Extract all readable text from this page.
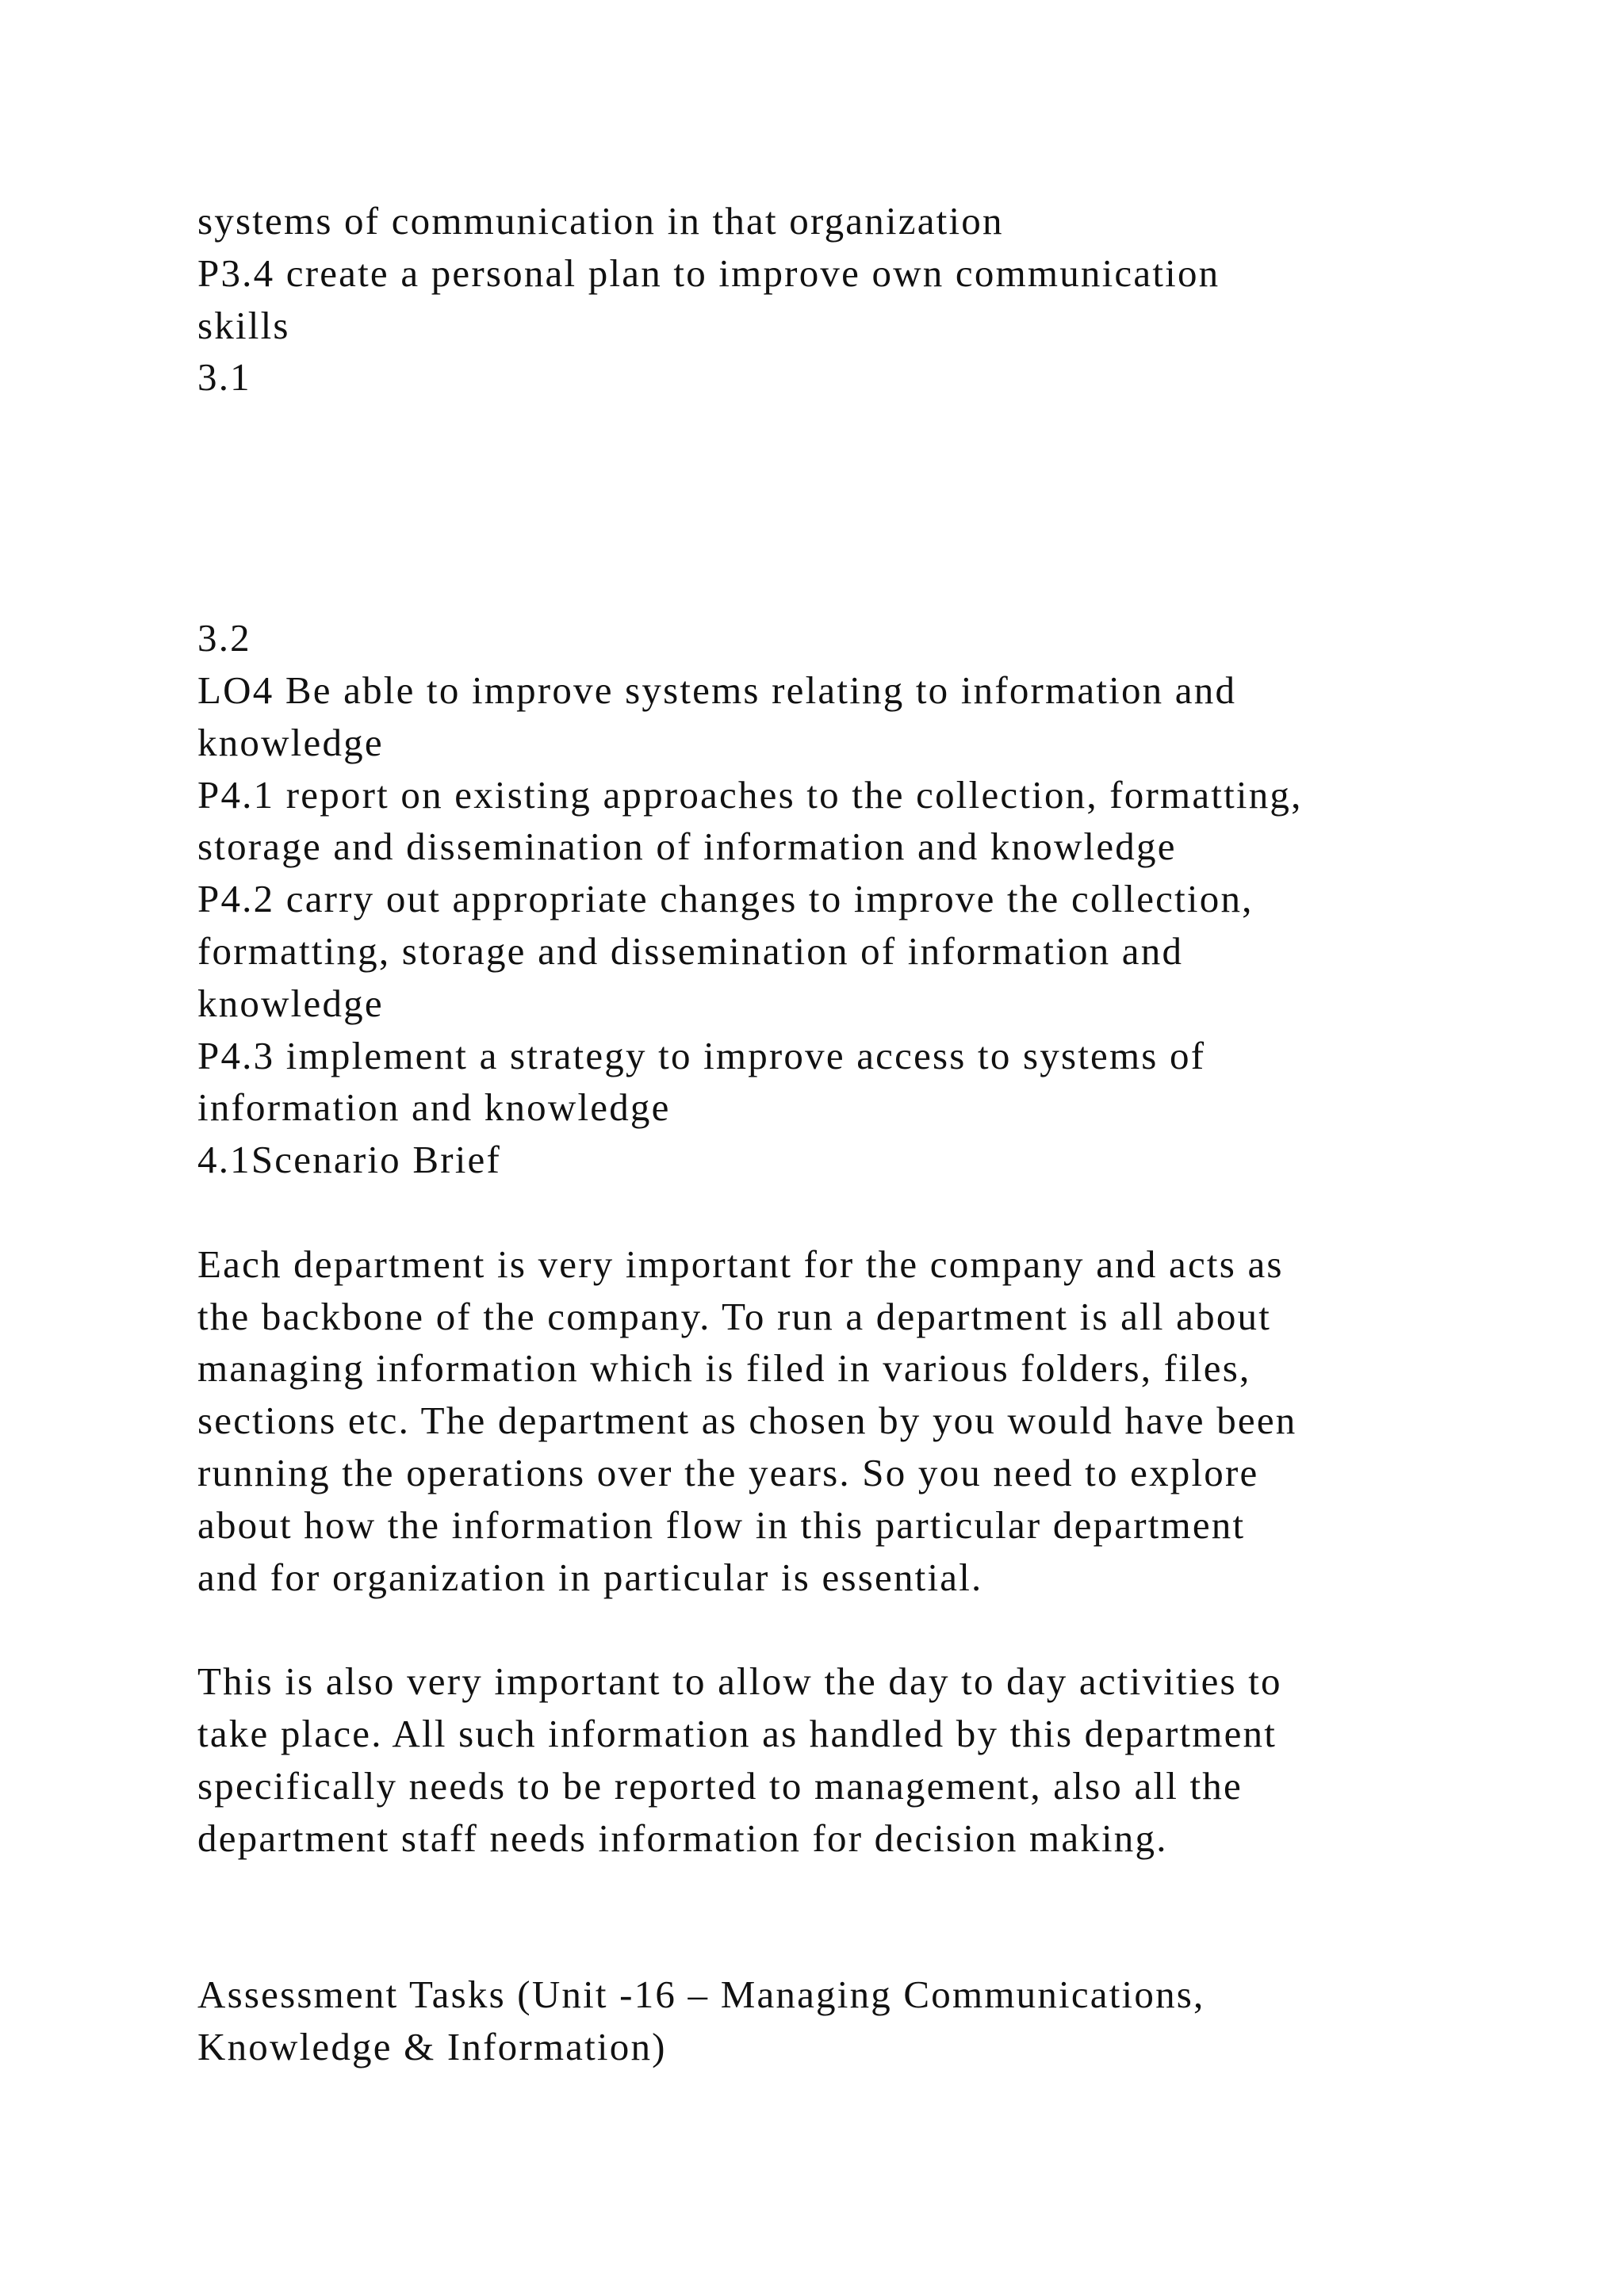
systems of communication in that organization
P3.4 create a personal plan to improve own communication
skills
3.1
3.2
LO4 Be able to improve systems relating to information and
knowledge
P4.1 report on existing approaches to the collection, formatting,
storage and dissemination of information and knowledge
P4.2 carry out appropriate changes to improve the collection,
formatting, storage and dissemination of information and
knowledge
P4.3 implement a strategy to improve access to systems of
information and knowledge
4.1Scenario Brief
Each department is very important for the company and acts as
the backbone of the company. To run a department is all about
managing information which is filed in various folders, files,
sections etc. The department as chosen by you would have been
running the operations over the years. So you need to explore
about how the information flow in this particular department
and for organization in particular is essential.
This is also very important to allow the day to day activities to
take place. All such information as handled by this department
specifically needs to be reported to management, also all the
department staff needs information for decision making.
Assessment Tasks (Unit -16 – Managing Communications,
Knowledge & Information)
